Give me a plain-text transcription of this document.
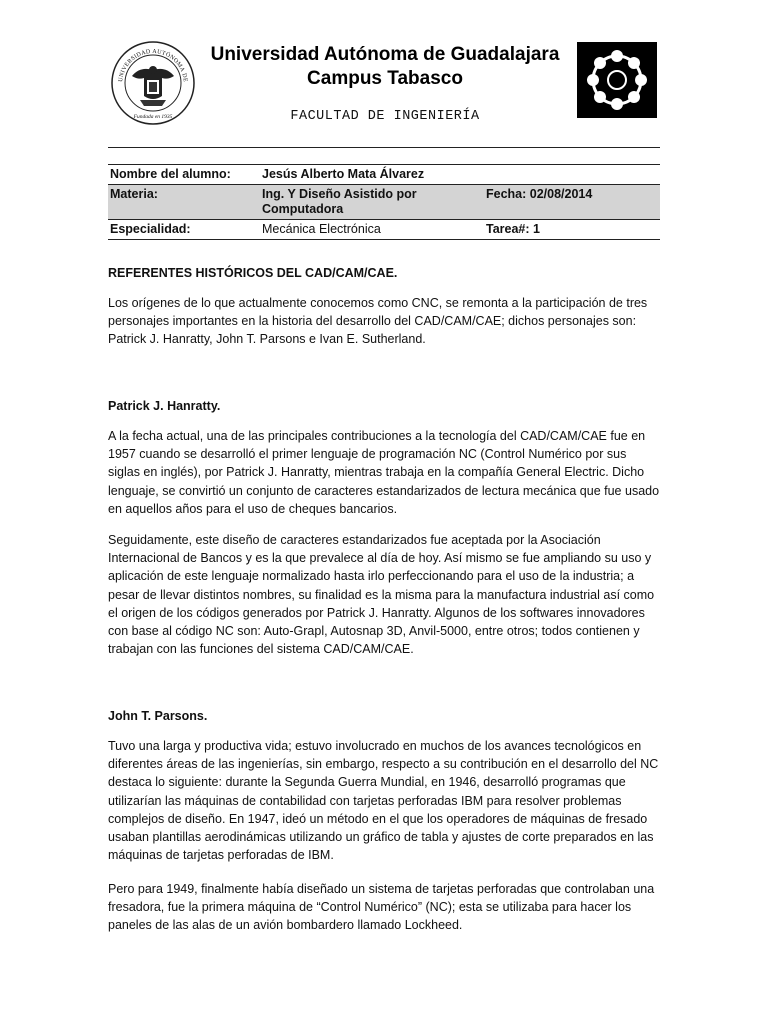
UNIVERSIDAD AUTÓNOMA DE
Fundada en 1935
Universidad Autónoma de Guadalajara
Campus Tabasco
FACULTAD DE INGENIERÍA
Nombre del alumno:	Jesús Alberto Mata Álvarez	
Materia:	Ing. Y Diseño Asistido por Computadora	Fecha: 02/08/2014
Especialidad:	Mecánica Electrónica	Tarea#: 1

REFERENTES HISTÓRICOS DEL CAD/CAM/CAE.

Los orígenes de lo que actualmente conocemos como CNC, se remonta a la participación de tres personajes importantes en la historia del desarrollo del CAD/CAM/CAE; dichos personajes son: Patrick J. Hanratty, John T. Parsons e Ivan E. Sutherland.

Patrick J. Hanratty.

A la fecha actual, una de las principales contribuciones a la tecnología del CAD/CAM/CAE fue en 1957 cuando se desarrolló el primer lenguaje de programación NC (Control Numérico por sus siglas en inglés), por Patrick J. Hanratty, mientras trabaja en la compañía General Electric. Dicho lenguaje, se convirtió un conjunto de caracteres estandarizados de lectura mecánica que fue usado en aquellos años para el uso de cheques bancarios.

Seguidamente, este diseño de caracteres estandarizados fue aceptada por la Asociación Internacional de Bancos y es la que prevalece al día de hoy. Así mismo se fue ampliando su uso y aplicación de este lenguaje normalizado hasta irlo perfeccionando para el uso de la industria; a pesar de llevar distintos nombres, su finalidad es la misma para la manufactura industrial así como el origen de los códigos generados por Patrick J. Hanratty. Algunos de los softwares innovadores con base al código NC son: Auto-Grapl, Autosnap 3D, Anvil-5000, entre otros; todos contienen y trabajan con las funciones del sistema CAD/CAM/CAE.

John T. Parsons.

Tuvo una larga y productiva vida; estuvo involucrado en muchos de los avances tecnológicos en diferentes áreas de las ingenierías, sin embargo, respecto a su contribución en el desarrollo del NC destaca lo siguiente: durante la Segunda Guerra Mundial, en 1946, desarrolló programas que utilizarían las máquinas de contabilidad con tarjetas perforadas IBM para resolver problemas complejos de diseño. En 1947, ideó un método en el que los operadores de máquinas de fresado usaban plantillas aerodinámicas utilizando un gráfico de tabla y ajustes de corte preparados en las máquinas de tarjetas perforadas de IBM.

Pero para 1949, finalmente había diseñado un sistema de tarjetas perforadas que controlaban una fresadora, fue la primera máquina de “Control Numérico” (NC); esta se utilizaba para hacer los paneles de las alas de un avión bombardero llamado Lockheed.
